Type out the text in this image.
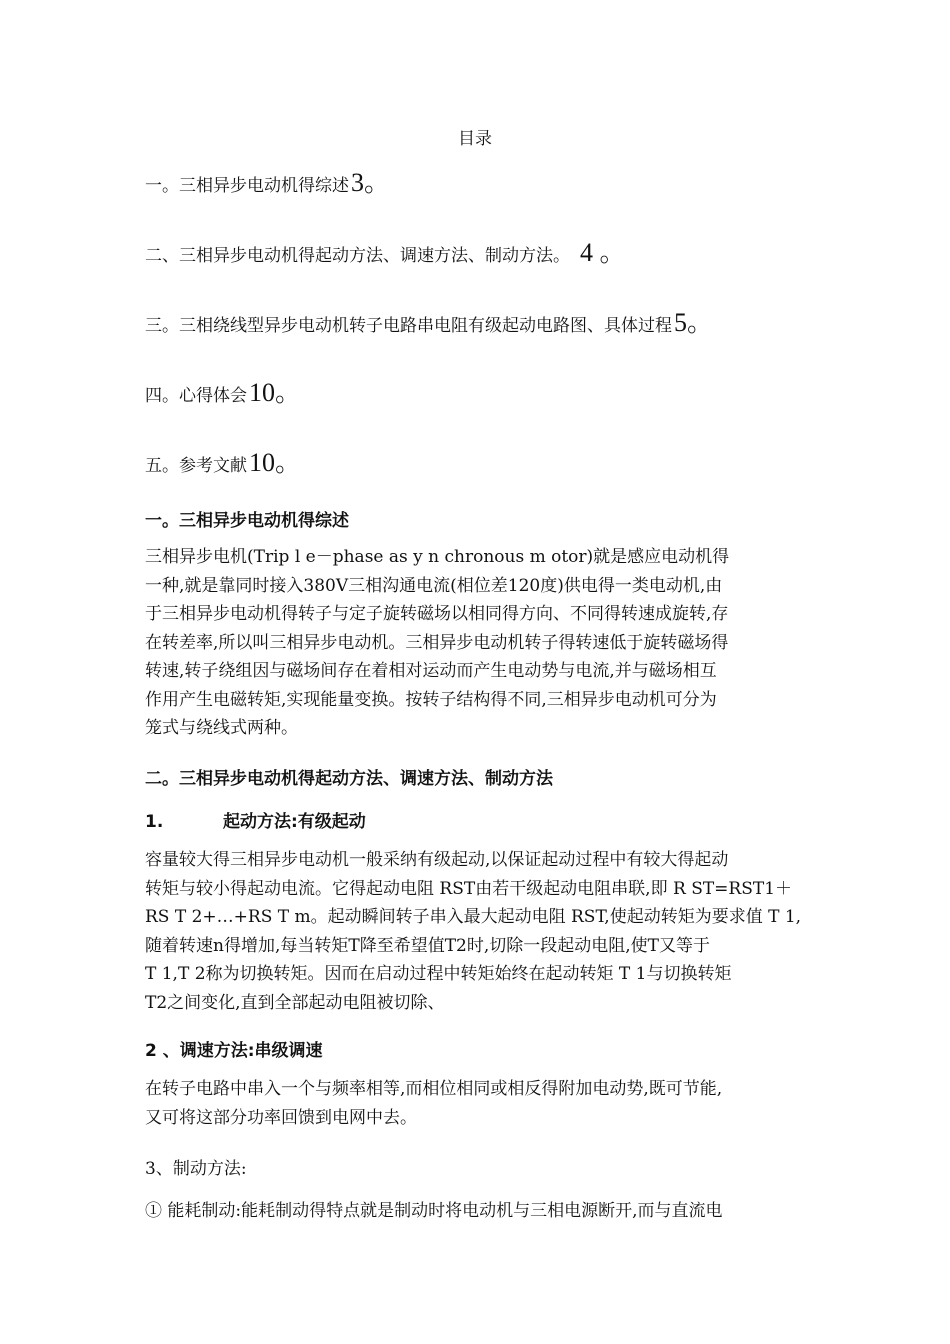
目录
一。三相异步电动机得综述3。
二、三相异步电动机得起动方法、调速方法、制动方法。 4 。
三。三相绕线型异步电动机转子电路串电阻有级起动电路图、具体过程5。
四。心得体会10。
五。参考文献10。
一。三相异步电动机得综述
三相异步电机(Trip l e－phase as y n chronous m otor)就是感应电动机得
一种,就是靠同时接入380V三相沟通电流(相位差120度)供电得一类电动机,由
于三相异步电动机得转子与定子旋转磁场以相同得方向、不同得转速成旋转,存
在转差率,所以叫三相异步电动机。三相异步电动机转子得转速低于旋转磁场得
转速,转子绕组因与磁场间存在着相对运动而产生电动势与电流,并与磁场相互
作用产生电磁转矩,实现能量变换。按转子结构得不同,三相异步电动机可分为
笼式与绕线式两种。
二。三相异步电动机得起动方法、调速方法、制动方法
1.	起动方法:有级起动
容量较大得三相异步电动机一般采纳有级起动,以保证起动过程中有较大得起动
转矩与较小得起动电流。它得起动电阻 RST由若干级起动电阻串联,即 R ST=RST1＋
RS T 2+…+RS T m。起动瞬间转子串入最大起动电阻 RST,使起动转矩为要求值 T 1,
随着转速n得增加,每当转矩T降至希望值T2时,切除一段起动电阻,使T又等于
T 1,T 2称为切换转矩。因而在启动过程中转矩始终在起动转矩 T 1与切换转矩
T2之间变化,直到全部起动电阻被切除、
2 、调速方法:串级调速
在转子电路中串入一个与频率相等,而相位相同或相反得附加电动势,既可节能,
又可将这部分功率回馈到电网中去。
3、制动方法:
① 能耗制动:能耗制动得特点就是制动时将电动机与三相电源断开,而与直流电
